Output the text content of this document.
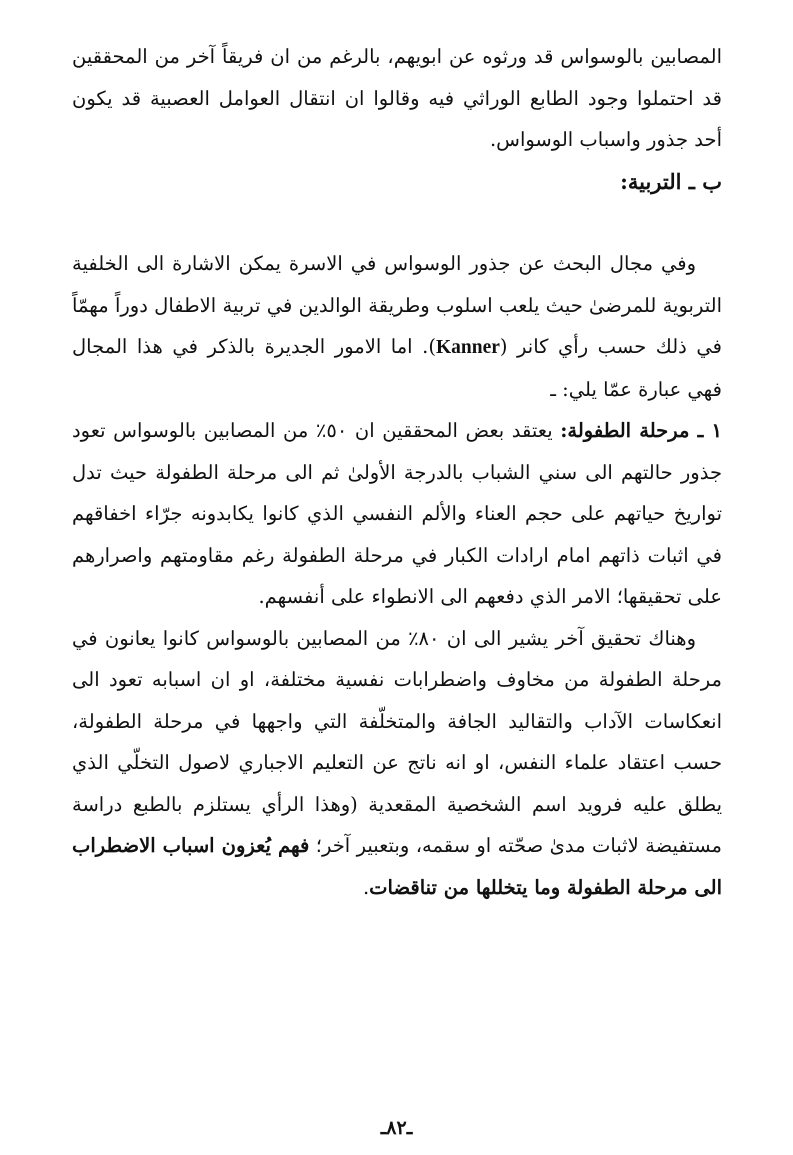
المصابين بالوسواس قد ورثوه عن ابويهم، بالرغم من ان فريقاً آخر من المحققين قد احتملوا وجود الطابع الوراثي فيه وقالوا ان انتقال العوامل العصبية قد يكون أحد جذور واسباب الوسواس.

ب ـ التربية:

وفي مجال البحث عن جذور الوسواس في الاسرة يمكن الاشارة الى الخلفية التربوية للمرضىٰ حيث يلعب اسلوب وطريقة الوالدين في تربية الاطفال دوراً مهمّاً في ذلك حسب رأي كانر (Kanner). اما الامور الجديرة بالذكر في هذا المجال فهي عبارة عمّا يلي: ـ

١ ـ مرحلة الطفولة: يعتقد بعض المحققين ان ٥٠٪ من المصابين بالوسواس تعود جذور حالتهم الى سني الشباب بالدرجة الأولىٰ ثم الى مرحلة الطفولة حيث تدل تواريخ حياتهم على حجم العناء والألم النفسي الذي كانوا يكابدونه جرّاء اخفاقهم في اثبات ذاتهم امام ارادات الكبار في مرحلة الطفولة رغم مقاومتهم واصرارهم على تحقيقها؛ الامر الذي دفعهم الى الانطواء على أنفسهم.

وهناك تحقيق آخر يشير الى ان ٨٠٪ من المصابين بالوسواس كانوا يعانون في مرحلة الطفولة من مخاوف واضطرابات نفسية مختلفة، او ان اسبابه تعود الى انعكاسات الآداب والتقاليد الجافة والمتخلّفة التي واجهها في مرحلة الطفولة، حسب اعتقاد علماء النفس، او انه ناتج عن التعليم الاجباري لاصول التخلّي الذي يطلق عليه فرويد اسم الشخصية المقعدية (وهذا الرأي يستلزم بالطبع دراسة مستفيضة لاثبات مدىٰ صحّته او سقمه، وبتعبير آخر؛ فهم يُعزون اسباب الاضطراب الى مرحلة الطفولة وما يتخللها من تناقضات.

ـ٨٢ـ
